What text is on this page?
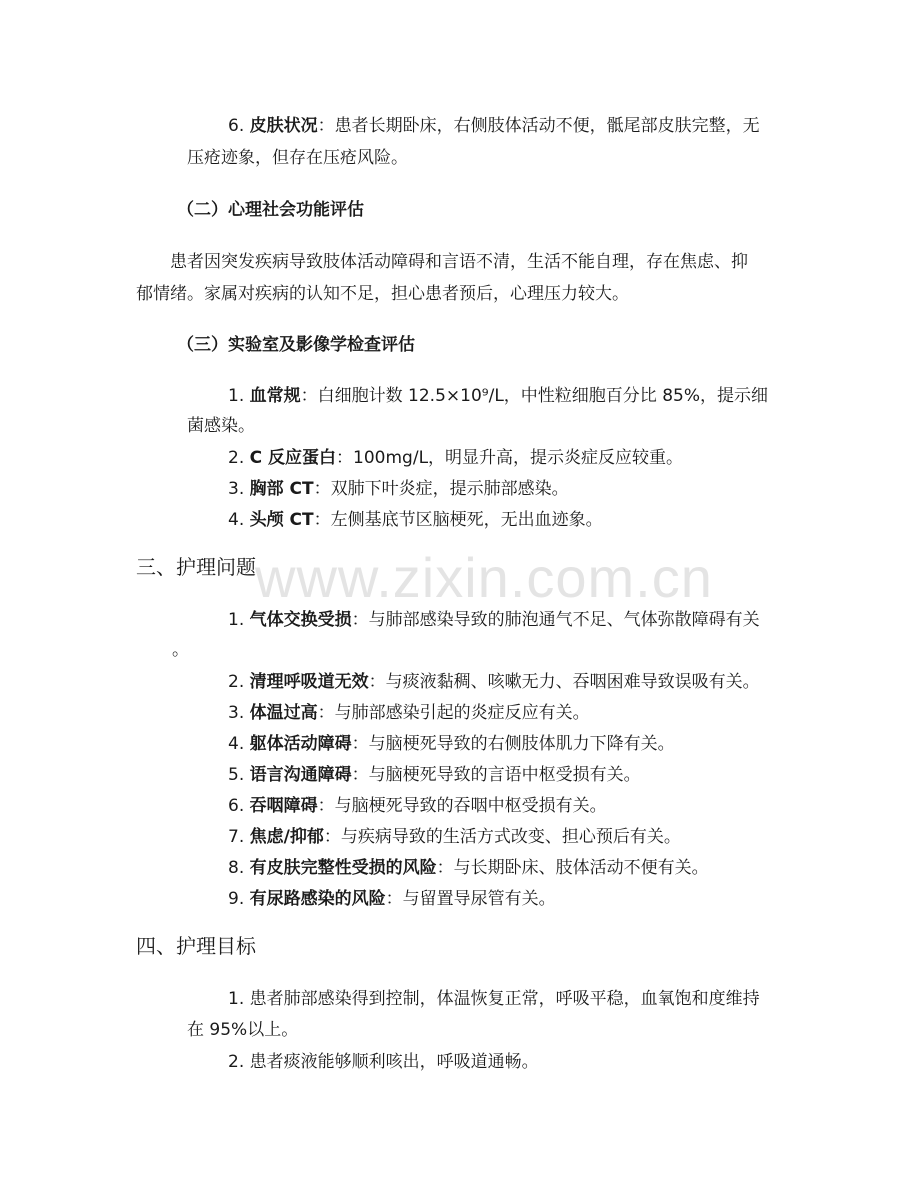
www.zixin.com.cn
6. 皮肤状况：患者长期卧床，右侧肢体活动不便，骶尾部皮肤完整，无
压疮迹象，但存在压疮风险。
（二）心理社会功能评估
患者因突发疾病导致肢体活动障碍和言语不清，生活不能自理，存在焦虑、抑
郁情绪。家属对疾病的认知不足，担心患者预后，心理压力较大。
（三）实验室及影像学检查评估
1. 血常规：白细胞计数 12.5×10⁹/L，中性粒细胞百分比 85%，提示细
菌感染。
2. C 反应蛋白：100mg/L，明显升高，提示炎症反应较重。
3. 胸部 CT：双肺下叶炎症，提示肺部感染。
4. 头颅 CT：左侧基底节区脑梗死，无出血迹象。
三、护理问题
1. 气体交换受损：与肺部感染导致的肺泡通气不足、气体弥散障碍有关
。
2. 清理呼吸道无效：与痰液黏稠、咳嗽无力、吞咽困难导致误吸有关。
3. 体温过高：与肺部感染引起的炎症反应有关。
4. 躯体活动障碍：与脑梗死导致的右侧肢体肌力下降有关。
5. 语言沟通障碍：与脑梗死导致的言语中枢受损有关。
6. 吞咽障碍：与脑梗死导致的吞咽中枢受损有关。
7. 焦虑/抑郁：与疾病导致的生活方式改变、担心预后有关。
8. 有皮肤完整性受损的风险：与长期卧床、肢体活动不便有关。
9. 有尿路感染的风险：与留置导尿管有关。
四、护理目标
1. 患者肺部感染得到控制，体温恢复正常，呼吸平稳，血氧饱和度维持
在 95%以上。
2. 患者痰液能够顺利咳出，呼吸道通畅。
